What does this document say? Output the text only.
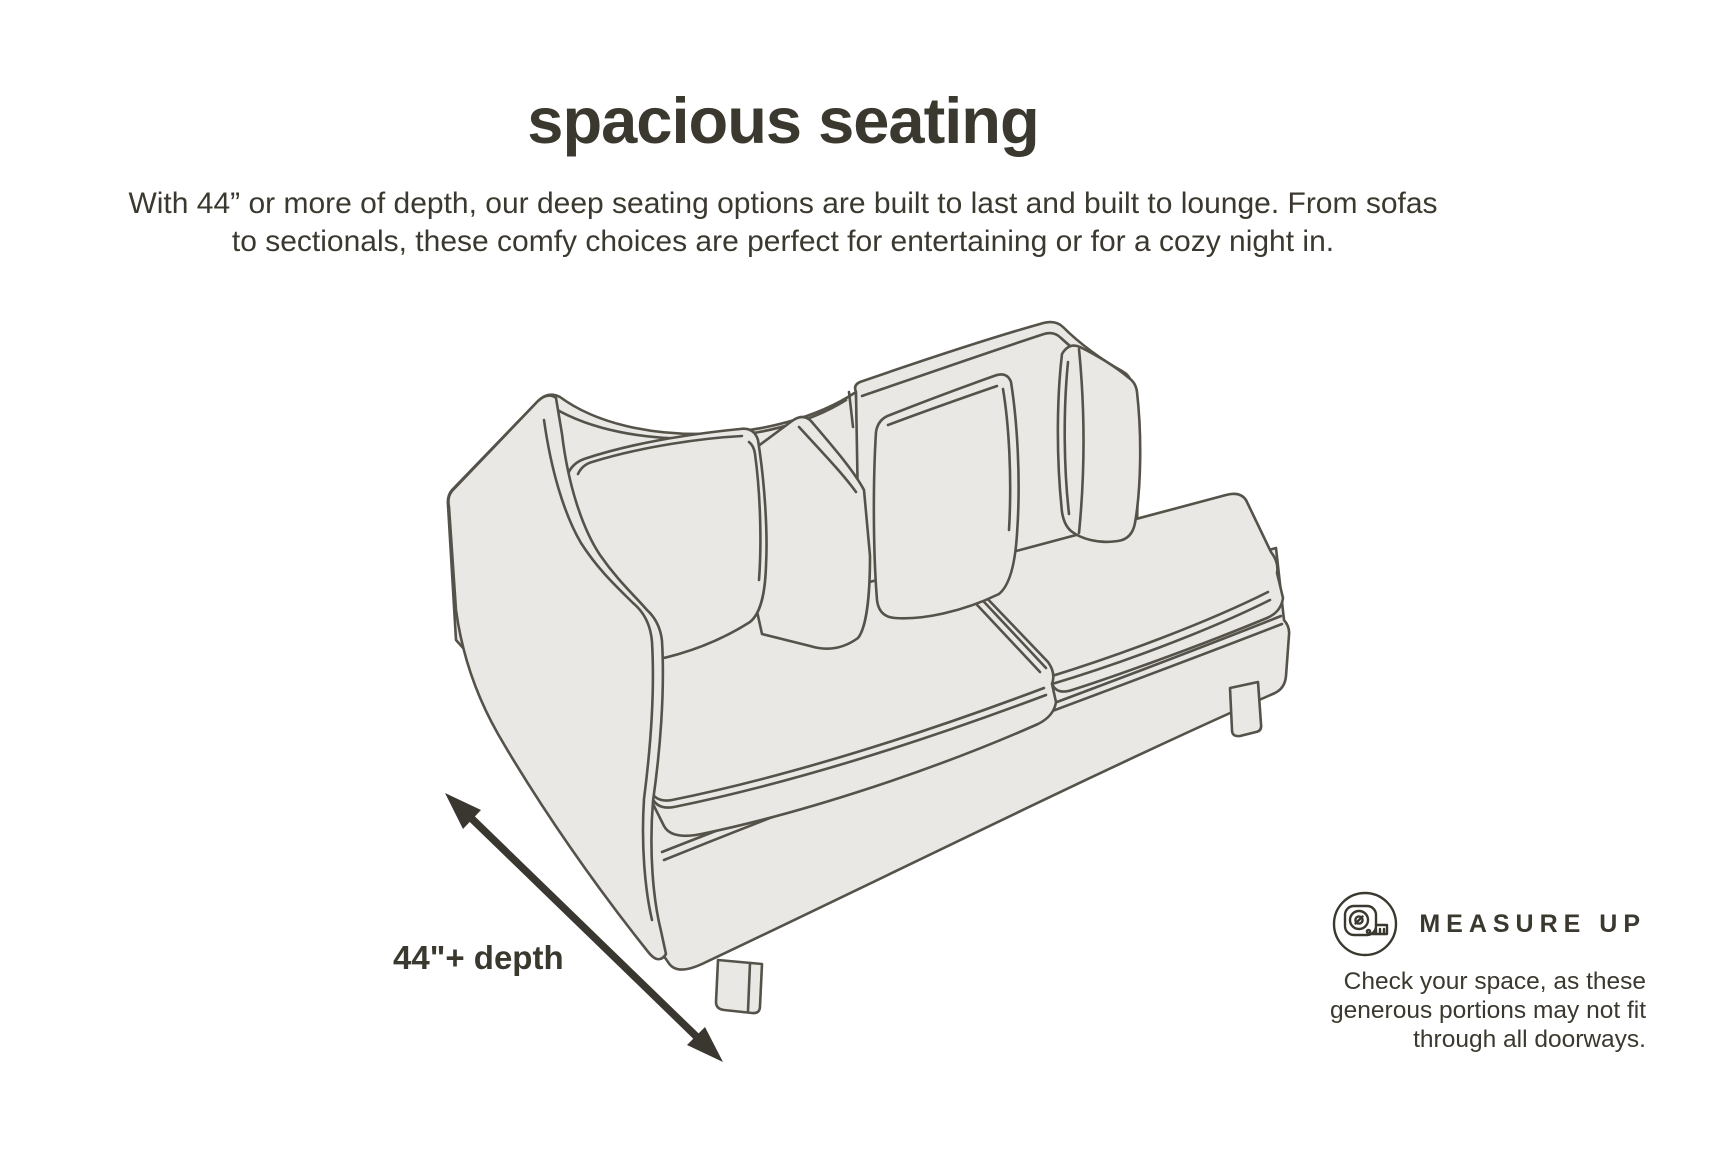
spacious seating

With 44” or more of depth, our deep seating options are built to last and built to lounge. From sofas to sectionals, these comfy choices are perfect for entertaining or for a cozy night in.

44"+ depth
MEASURE UP

Check your space, as these generous portions may not fit through all doorways.
